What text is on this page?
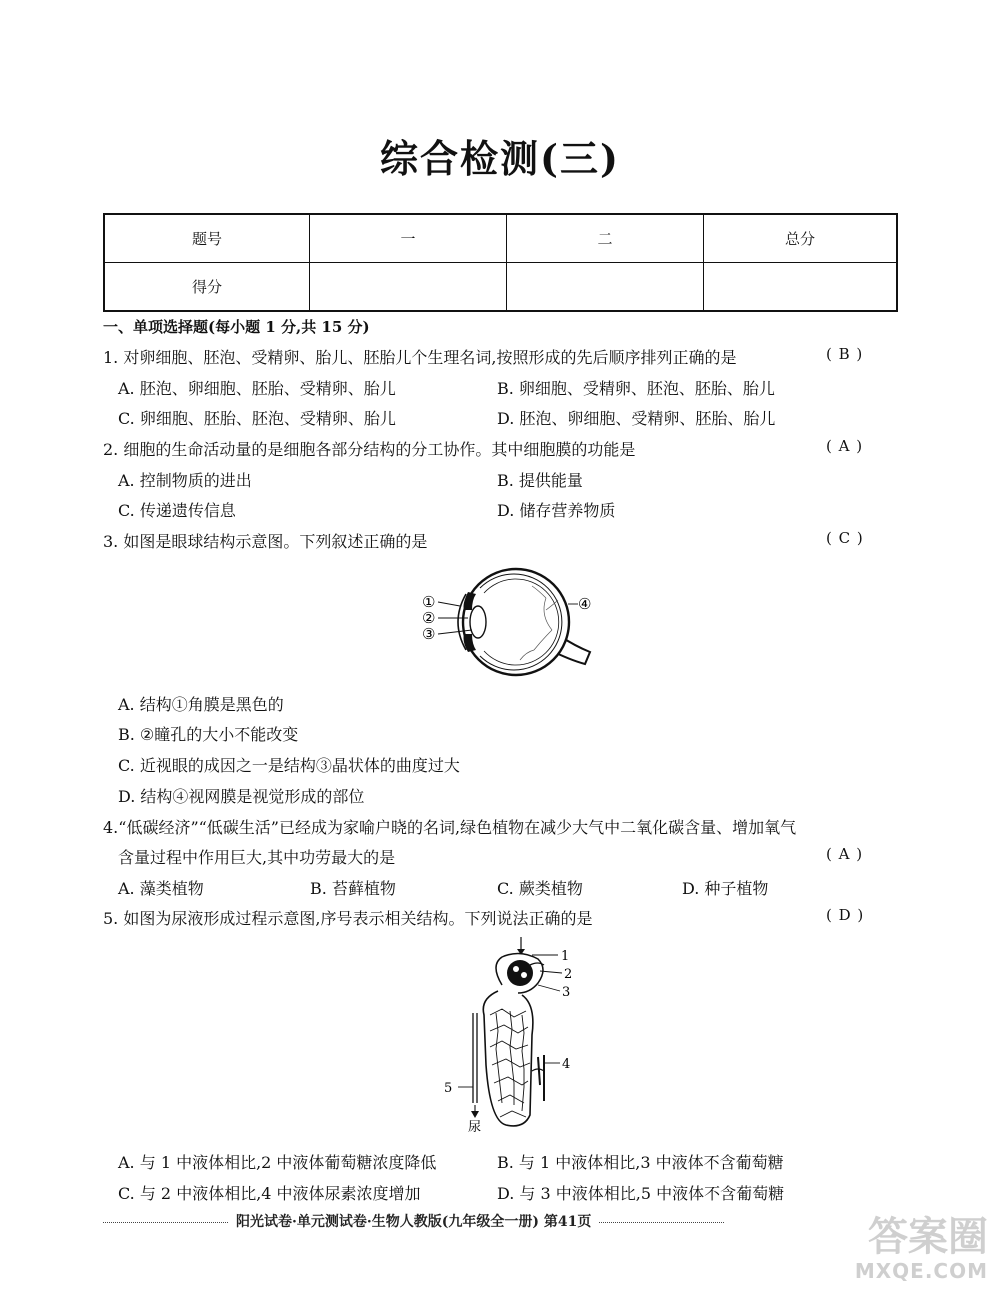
综合检测(三)
题号	一	二	总分
得分			
一、单项选择题(每小题 1 分,共 15 分)
1. 对卵细胞、胚泡、受精卵、胎儿、胚胎儿个生理名词,按照形成的先后顺序排列正确的是	( B )
A. 胚泡、卵细胞、胚胎、受精卵、胎儿	B. 卵细胞、受精卵、胚泡、胚胎、胎儿
C. 卵细胞、胚胎、胚泡、受精卵、胎儿	D. 胚泡、卵细胞、受精卵、胚胎、胎儿
2. 细胞的生命活动量的是细胞各部分结构的分工协作。其中细胞膜的功能是	( A )
A. 控制物质的进出	B. 提供能量
C. 传递遗传信息	D. 储存营养物质
3. 如图是眼球结构示意图。下列叙述正确的是	( C )
①
②
③
④
A. 结构①角膜是黑色的
B. ②瞳孔的大小不能改变
C. 近视眼的成因之一是结构③晶状体的曲度过大
D. 结构④视网膜是视觉形成的部位
4.“低碳经济”“低碳生活”已经成为家喻户晓的名词,绿色植物在减少大气中二氧化碳含量、增加氧气
含量过程中作用巨大,其中功劳最大的是	( A )
A. 藻类植物	B. 苔藓植物	C. 蕨类植物	D. 种子植物
5. 如图为尿液形成过程示意图,序号表示相关结构。下列说法正确的是	( D )
1
2
3
4
5
尿
A. 与 1 中液体相比,2 中液体葡萄糖浓度降低	B. 与 1 中液体相比,3 中液体不含葡萄糖
C. 与 2 中液体相比,4 中液体尿素浓度增加	D. 与 3 中液体相比,5 中液体不含葡萄糖
阳光试卷·单元测试卷·生物人教版(九年级全一册) 第41页	答案圈
MXQE.COM
